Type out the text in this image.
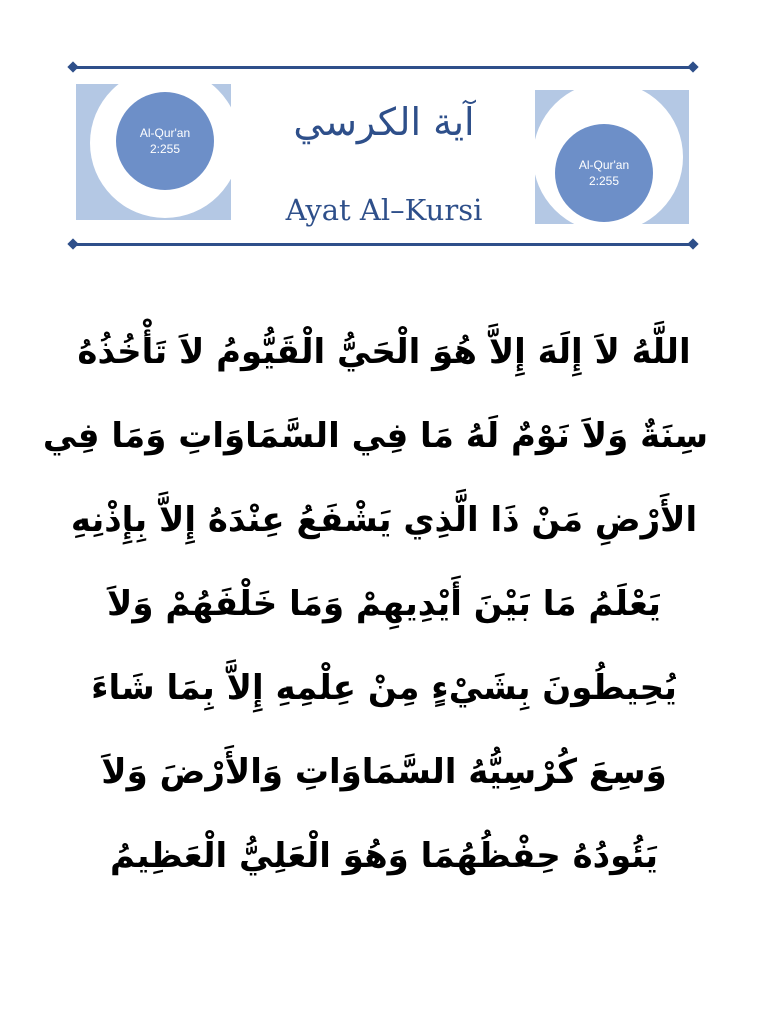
Al-Qur'an
2:255
Al-Qur'an
2:255
آية الكرسي
Ayat Al–Kursi
اللَّهُ لاَ إِلَهَ إِلاَّ هُوَ الْحَيُّ الْقَيُّومُ لاَ تَأْخُذُهُ
سِنَةٌ وَلاَ نَوْمٌ لَهُ مَا فِي السَّمَاوَاتِ وَمَا فِي
الأَرْضِ مَنْ ذَا الَّذِي يَشْفَعُ عِنْدَهُ إِلاَّ بِإِذْنِهِ
يَعْلَمُ مَا بَيْنَ أَيْدِيهِمْ وَمَا خَلْفَهُمْ وَلاَ
يُحِيطُونَ بِشَيْءٍ مِنْ عِلْمِهِ إِلاَّ بِمَا شَاءَ
وَسِعَ كُرْسِيُّهُ السَّمَاوَاتِ وَالأَرْضَ وَلاَ
يَئُودُهُ حِفْظُهُمَا وَهُوَ الْعَلِيُّ الْعَظِيمُ
